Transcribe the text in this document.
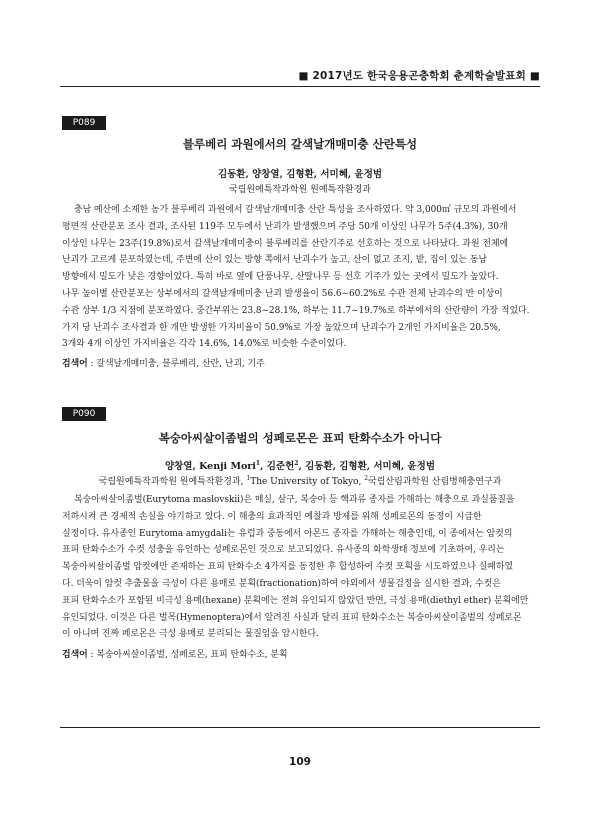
■ 2017년도 한국응용곤충학회 춘계학술발표회 ■
P089
블루베리 과원에서의 갈색날개매미충 산란특성
김동환, 양창열, 김형환, 서미혜, 윤정범
국립원예특작과학원 원예특작환경과
충남 예산에 소재한 농가 블루베리 과원에서 갈색날개매미충 산란 특성을 조사하였다. 약 3,000㎡ 규모의 과원에서
평면적 산란분포 조사 결과, 조사된 119주 모두에서 난괴가 발생했으며 주당 50개 이상인 나무가 5주(4.3%), 30개
이상인 나무는 23주(19.8%)로서 갈색날개매미충이 블루베리를 산란기주로 선호하는 것으로 나타났다. 과원 전체에
난괴가 고르게 분포하였는데, 주변에 산이 있는 방향 쪽에서 난괴수가 높고, 산이 없고 조지, 밭, 집이 있는 동남
방향에서 밀도가 낮은 경향이었다. 특히 바로 옆에 단풍나무, 산딸나무 등 선호 기주가 있는 곳에서 밀도가 높았다.
나무 높이별 산란분포는 상부에서의 갈색날개매미충 난괴 발생율이 56.6∼60.2%로 수관 전체 난괴수의 반 이상이
수관 상부 1/3 지점에 분포하였다. 중간부위는 23.8∼28.1%, 하부는 11.7∼19.7%로 하부에서의 산란량이 가장 적었다.
가지 당 난괴수 조사결과 한 개만 발생한 가지비율이 50.9%로 가장 높았으며 난괴수가 2개인 가지비율은 20.5%,
3개와 4개 이상인 가지비율은 각각 14.6%, 14.0%로 비슷한 수준이었다.
검색어 : 갈색날개매미충, 블루베리, 산란, 난괴, 기주
P090
복숭아씨살이좀벌의 성페로몬은 표피 탄화수소가 아니다
양창열, Kenji Mori$^1$, 김준헌$^2$, 김동환, 김형환, 서미혜, 윤정범
국립원예특작과학원 원예특작환경과, $^1$The University of Tokyo, $^2$국립산림과학원 산림병해충연구과
복숭아씨살이좀벌(Eurytoma maslovskii)은 매실, 살구, 복숭아 등 핵과류 종자를 가해하는 해충으로 과실품질을
저하시켜 큰 경제적 손실을 야기하고 있다. 이 해충의 효과적인 예찰과 방제를 위해 성페로몬의 동정이 시급한
실정이다. 유사종인 Eurytoma amygdali는 유럽과 중동에서 아몬드 종자를 가해하는 해충인데, 이 종에서는 암컷의
표피 탄화수소가 수컷 성충을 유인하는 성페로몬인 것으로 보고되었다. 유사종의 화학생태 정보에 기초하여, 우리는
복숭아씨살이좀벌 암컷에만 존재하는 표피 탄화수소 4가지를 동정한 후 합성하여 수컷 포획을 시도하였으나 실패하였
다. 더욱이 암컷 추출물을 극성이 다른 용매로 분획(fractionation)하여 야외에서 생물검정을 실시한 결과, 수컷은
표피 탄화수소가 포함된 비극성 용매(hexane) 분획에는 전혀 유인되지 않았던 반면, 극성 용매(diethyl ether) 분획에만
유인되었다. 이것은 다른 벌목(Hymenoptera)에서 알려진 사실과 달리 표피 탄화수소는 복숭아씨살이좀벌의 성페로몬
이 아니며 진짜 페로몬은 극성 용매로 분리되는 물질임을 암시한다.
검색어 : 복숭아씨살이좀벌, 성페로몬, 표피 탄화수소, 분획
109
